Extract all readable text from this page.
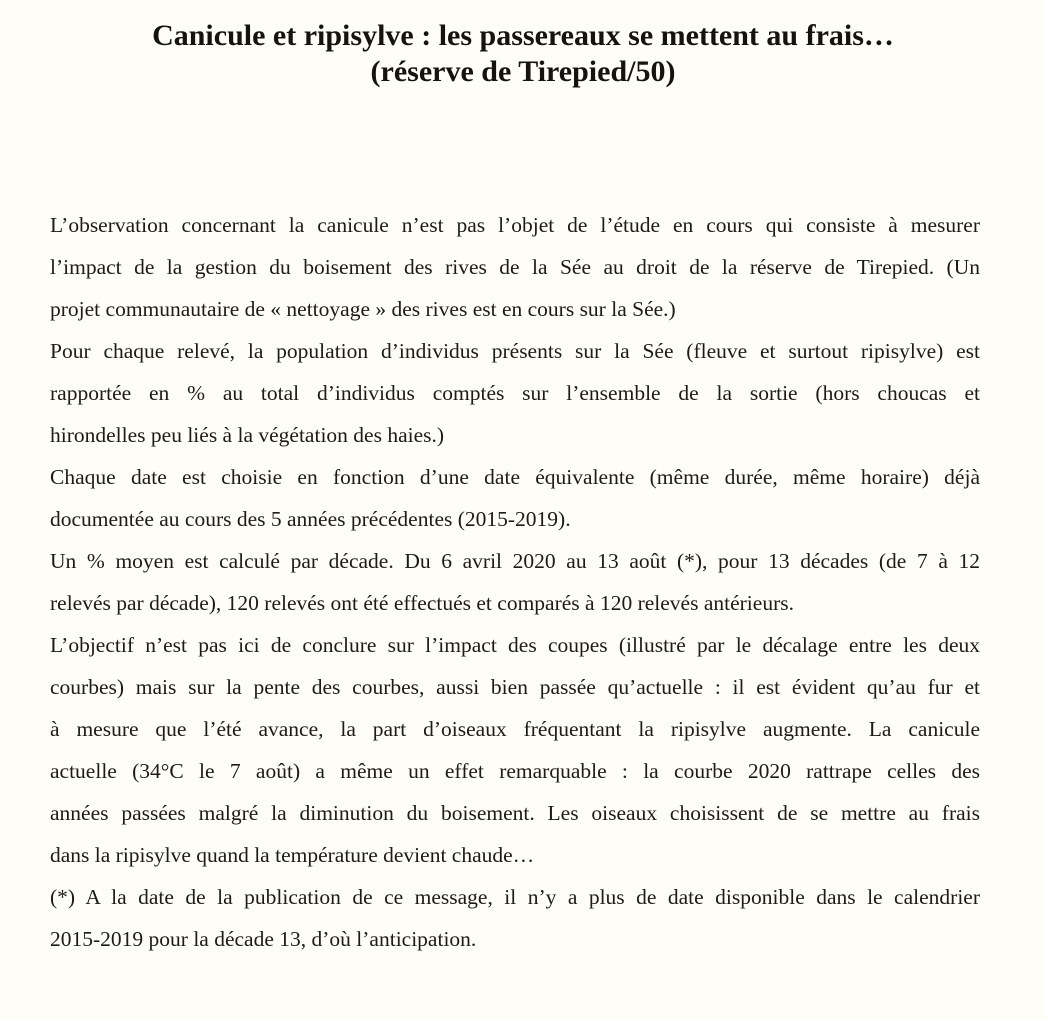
Canicule et ripisylve : les passereaux se mettent au frais…
(réserve de Tirepied/50)
L’observation concernant la canicule n’est pas l’objet de l’étude en cours qui consiste à mesurer
l’impact de la gestion du boisement des rives de la Sée au droit de la réserve de Tirepied. (Un
projet communautaire de « nettoyage » des rives est en cours sur la Sée.)
Pour chaque relevé, la population d’individus présents sur la Sée (fleuve et surtout ripisylve) est
rapportée en % au total d’individus comptés sur l’ensemble de la sortie (hors choucas et
hirondelles peu liés à la végétation des haies.)
Chaque date est choisie en fonction d’une date équivalente (même durée, même horaire) déjà
documentée au cours des 5 années précédentes (2015-2019).
Un % moyen est calculé par décade. Du 6 avril 2020 au 13 août (*), pour 13 décades (de 7 à 12
relevés par décade), 120 relevés ont été effectués et comparés à 120 relevés antérieurs.
L’objectif n’est pas ici de conclure sur l’impact des coupes (illustré par le décalage entre les deux
courbes) mais sur la pente des courbes, aussi bien passée qu’actuelle : il est évident qu’au fur et
à mesure que l’été avance, la part d’oiseaux fréquentant la ripisylve augmente. La canicule
actuelle (34°C le 7 août) a même un effet remarquable : la courbe 2020 rattrape celles des
années passées malgré la diminution du boisement. Les oiseaux choisissent de se mettre au frais
dans la ripisylve quand la température devient chaude…
(*) A la date de la publication de ce message, il n’y a plus de date disponible dans le calendrier
2015-2019 pour la décade 13, d’où l’anticipation.
